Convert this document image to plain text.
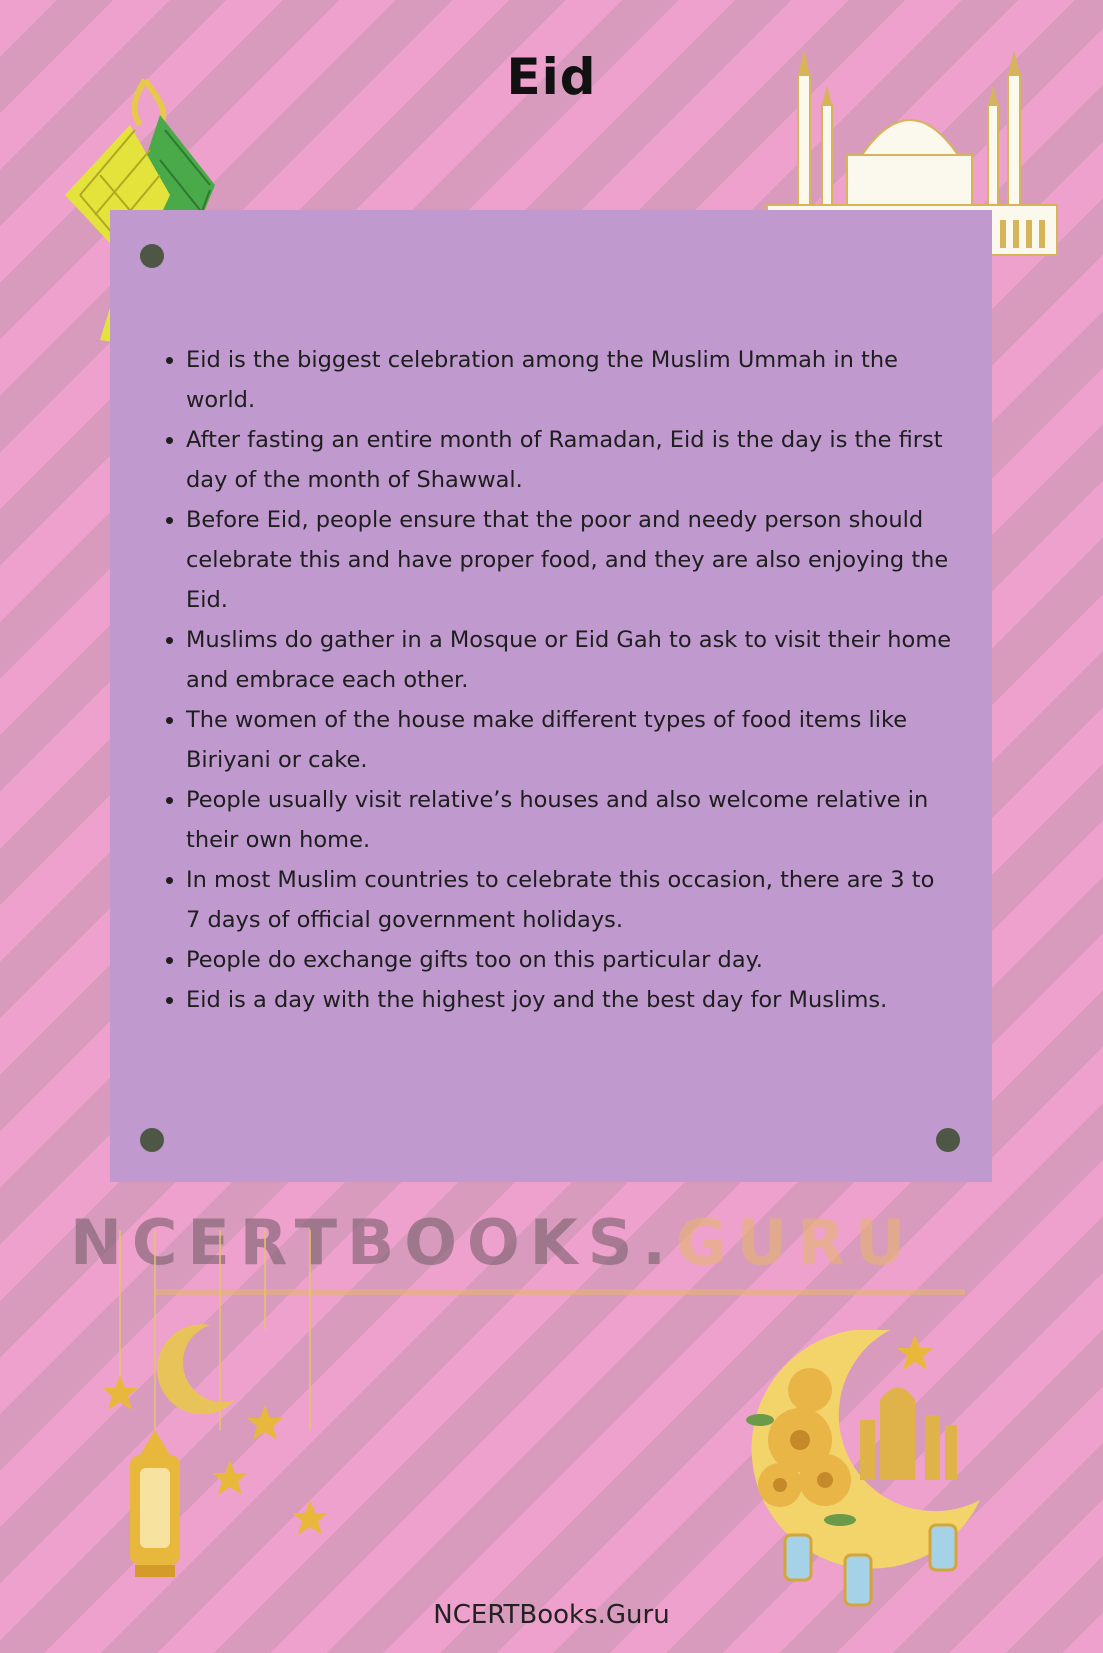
Eid
• Eid is the biggest celebration among the Muslim Ummah in the world.
• After fasting an entire month of Ramadan, Eid is the day is the first day of the month of Shawwal.
• Before Eid, people ensure that the poor and needy person should celebrate this and have proper food, and they are also enjoying the Eid.
• Muslims do gather in a Mosque or Eid Gah to ask to visit their home and embrace each other.
• The women of the house make different types of food items like Biriyani or cake.
• People usually visit relative’s houses and also welcome relative in their own home.
• In most Muslim countries to celebrate this occasion, there are 3 to 7 days of official government holidays.
• People do exchange gifts too on this particular day.
• Eid is a day with the highest joy and the best day for Muslims.
NCERTBOOKS.GURU
NCERTBooks.Guru
